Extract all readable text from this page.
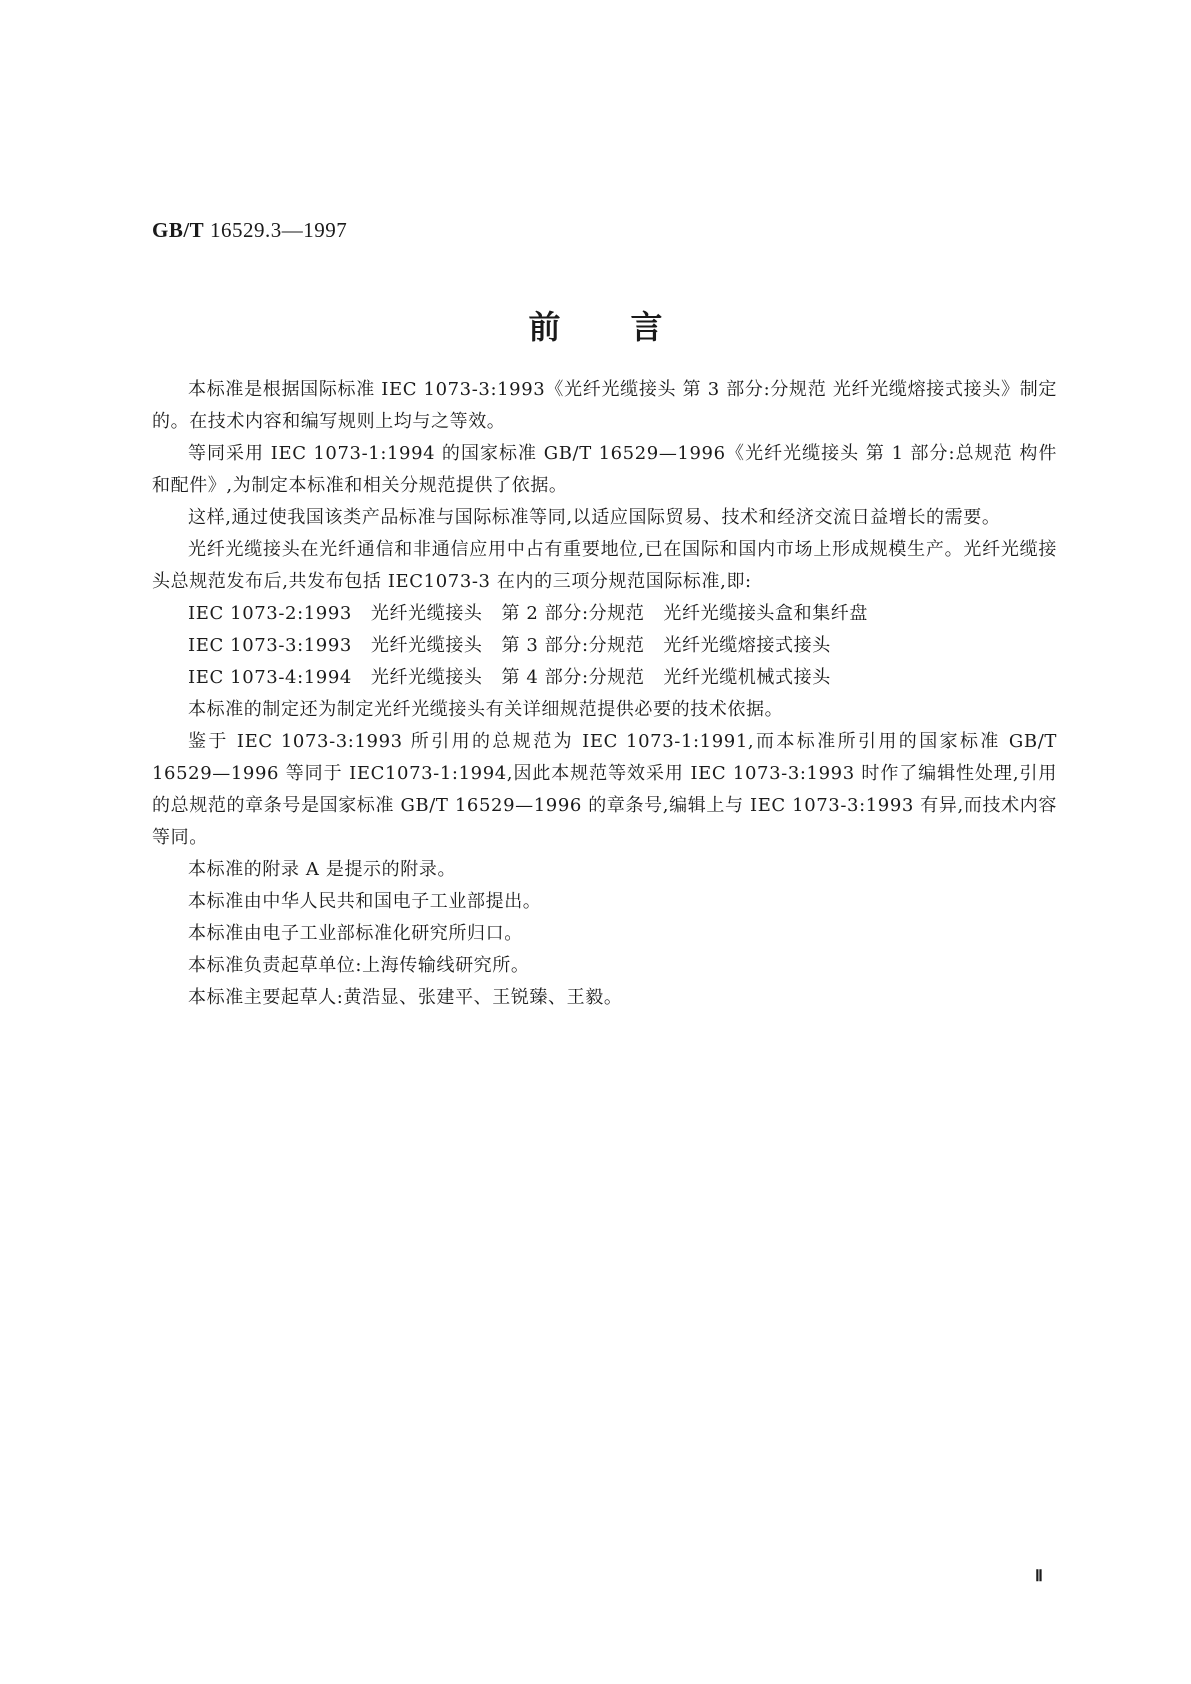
GB/T 16529.3—1997
前言

本标准是根据国际标准 IEC 1073-3:1993《光纤光缆接头 第 3 部分:分规范 光纤光缆熔接式接头》制定的。在技术内容和编写规则上均与之等效。

等同采用 IEC 1073-1:1994 的国家标准 GB/T 16529—1996《光纤光缆接头 第 1 部分:总规范 构件和配件》,为制定本标准和相关分规范提供了依据。

这样,通过使我国该类产品标准与国际标准等同,以适应国际贸易、技术和经济交流日益增长的需要。

光纤光缆接头在光纤通信和非通信应用中占有重要地位,已在国际和国内市场上形成规模生产。光纤光缆接头总规范发布后,共发布包括 IEC1073-3 在内的三项分规范国际标准,即:

IEC 1073-2:1993   光纤光缆接头   第 2 部分:分规范   光纤光缆接头盒和集纤盘

IEC 1073-3:1993   光纤光缆接头   第 3 部分:分规范   光纤光缆熔接式接头

IEC 1073-4:1994   光纤光缆接头   第 4 部分:分规范   光纤光缆机械式接头

本标准的制定还为制定光纤光缆接头有关详细规范提供必要的技术依据。

鉴于 IEC 1073-3:1993 所引用的总规范为 IEC 1073-1:1991,而本标准所引用的国家标准 GB/T 16529—1996 等同于 IEC1073-1:1994,因此本规范等效采用 IEC 1073-3:1993 时作了编辑性处理,引用的总规范的章条号是国家标准 GB/T 16529—1996 的章条号,编辑上与 IEC 1073-3:1993 有异,而技术内容等同。

本标准的附录 A 是提示的附录。

本标准由中华人民共和国电子工业部提出。

本标准由电子工业部标准化研究所归口。

本标准负责起草单位:上海传输线研究所。

本标准主要起草人:黄浩显、张建平、王锐臻、王毅。

Ⅱ
